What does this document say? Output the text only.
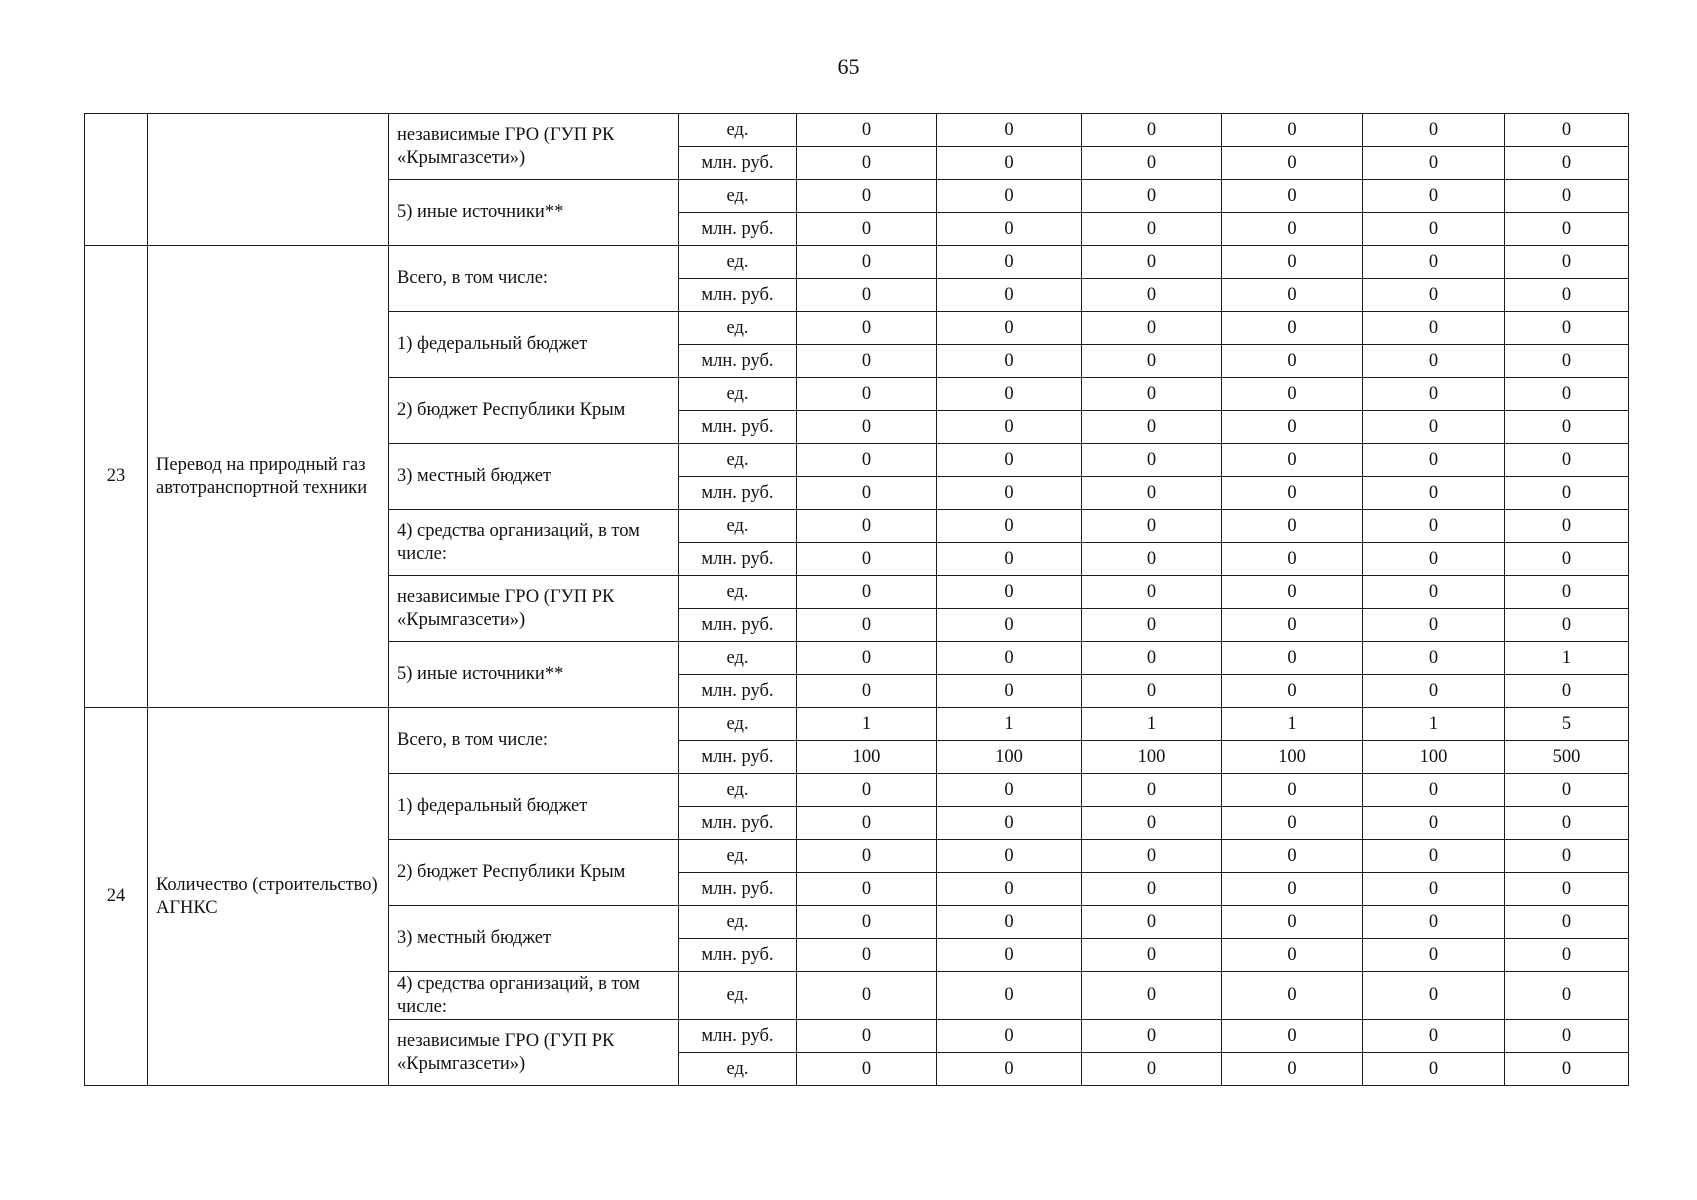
65
		независимые ГРО (ГУП РК «Крымгазсети»)	ед.	0	0	0	0	0	0
			млн. руб.	0	0	0	0	0	0
		5) иные источники**	ед.	0	0	0	0	0	0
			млн. руб.	0	0	0	0	0	0
23	Перевод на природный газ автотранспортной техники	Всего, в том числе:	ед.	0	0	0	0	0	0
			млн. руб.	0	0	0	0	0	0
		1) федеральный бюджет	ед.	0	0	0	0	0	0
			млн. руб.	0	0	0	0	0	0
		2) бюджет Республики Крым	ед.	0	0	0	0	0	0
			млн. руб.	0	0	0	0	0	0
		3) местный бюджет	ед.	0	0	0	0	0	0
			млн. руб.	0	0	0	0	0	0
		4) средства организаций, в том числе:	ед.	0	0	0	0	0	0
			млн. руб.	0	0	0	0	0	0
		независимые ГРО (ГУП РК «Крымгазсети»)	ед.	0	0	0	0	0	0
			млн. руб.	0	0	0	0	0	0
		5) иные источники**	ед.	0	0	0	0	0	1
			млн. руб.	0	0	0	0	0	0
24	Количество (строительство) АГНКС	Всего, в том числе:	ед.	1	1	1	1	1	5
			млн. руб.	100	100	100	100	100	500
		1) федеральный бюджет	ед.	0	0	0	0	0	0
			млн. руб.	0	0	0	0	0	0
		2) бюджет Республики Крым	ед.	0	0	0	0	0	0
			млн. руб.	0	0	0	0	0	0
		3) местный бюджет	ед.	0	0	0	0	0	0
			млн. руб.	0	0	0	0	0	0
		4) средства организаций, в том числе:	ед.	0	0	0	0	0	0
		независимые ГРО (ГУП РК «Крымгазсети»)	млн. руб.	0	0	0	0	0	0
			ед.	0	0	0	0	0	0
